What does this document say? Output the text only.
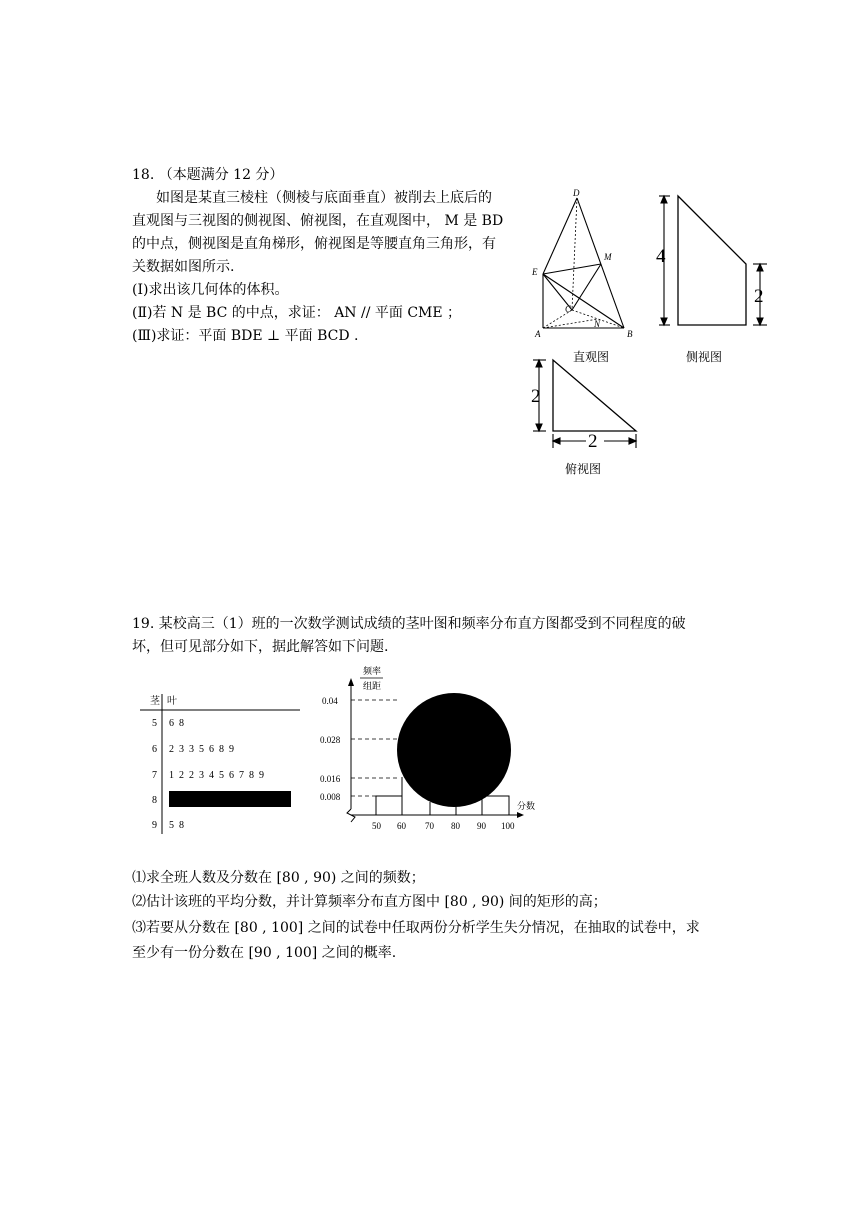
18. （本题满分 12 分）
如图是某直三棱柱（侧棱与底面垂直）被削去上底后的
直观图与三视图的侧视图、俯视图，在直观图中， M 是 BD
的中点，侧视图是直角梯形，俯视图是等腰直角三角形，有
关数据如图所示.
(Ⅰ)求出该几何体的体积。
(Ⅱ)若 N 是 BC 的中点，求证： AN // 平面 CME ；
(Ⅲ)求证：平面 BDE ⊥ 平面 BCD .
D
M
E
C
N
A	B
直观图
4
2
侧视图
2
2
俯视图
19. 某校高三（1）班的一次数学测试成绩的茎叶图和频率分布直方图都受到不同程度的破
坏，但可见部分如下，据此解答如下问题.
茎 叶
5 6  8
6 2  3  3  5  6  8  9
7 1  2  2  3  4  5  6  7  8  9
8
9 5  8
频率
组距
0.04
0.028
0.016
0.008
分数
50 60 70 80 90 100
⑴求全班人数及分数在 [80 , 90) 之间的频数；
⑵估计该班的平均分数，并计算频率分布直方图中 [80 , 90) 间的矩形的高；
⑶若要从分数在 [80 , 100] 之间的试卷中任取两份分析学生失分情况，在抽取的试卷中，求
至少有一份分数在 [90 , 100] 之间的概率.
